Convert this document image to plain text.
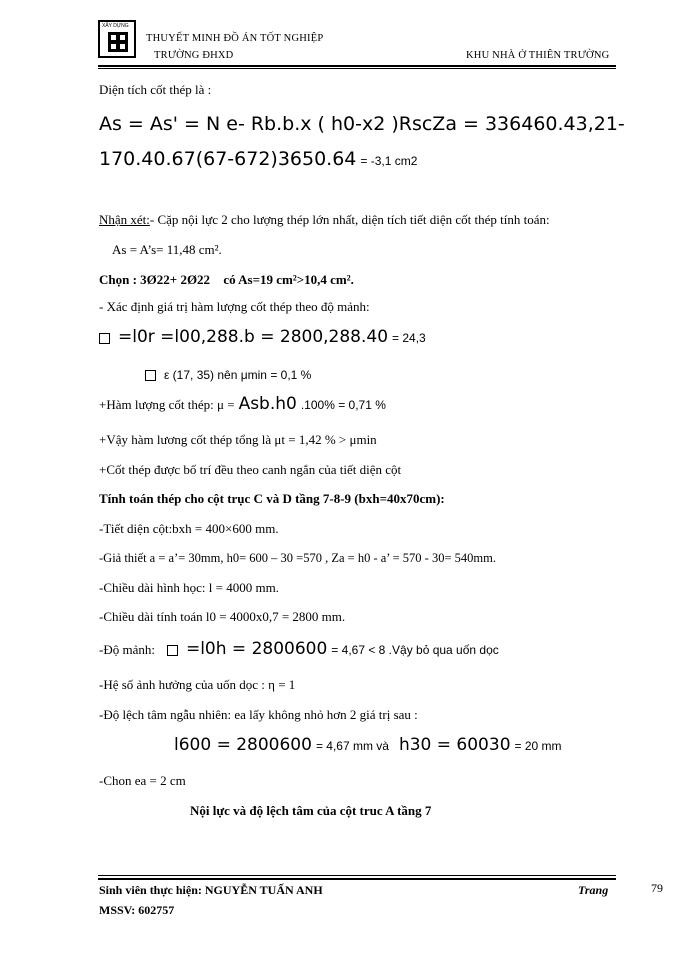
XÂY DỰNG
THUYẾT MINH ĐỒ ÁN TỐT NGHIỆP
TRƯỜNG ĐHXD	KHU NHÀ Ở THIÊN TRƯỜNG
Diện tích cốt thép là :
As = As' = N e- Rb.b.x ( h0-x2 )RscZa = 336460.43,21-
170.40.67(67-672)3650.64 = -3,1 cm2
Nhận xét:- Cặp nội lực 2 cho lượng thép lớn nhất, diện tích tiết diện cốt thép tính toán:
As = A’s= 11,48 cm².
Chọn : 3Ø22+ 2Ø22 có As=19 cm²>10,4 cm².
- Xác định giá trị hàm lượng cốt thép theo độ mảnh:
=l0r =l00,288.b = 2800,288.40 = 24,3
ε (17, 35) nên μmin = 0,1 %
+Hàm lượng cốt thép: μ = Asb.h0 .100% = 0,71 %
+Vậy hàm lương cốt thép tổng là μt = 1,42 % > μmin
+Cốt thép được bố trí đều theo canh ngắn của tiết diện cột
Tính toán thép cho cột trục C và D tầng 7-8-9 (bxh=40x70cm):
-Tiết diện cột:bxh = 400×600 mm.
-Giả thiết a = a’= 30mm, h0= 600 – 30 =570 , Za = h0 - a’ = 570 - 30= 540mm.
-Chiều dài hình học: l = 4000 mm.
-Chiều dài tính toán l0 = 4000x0,7 = 2800 mm.
-Độ mảnh: =l0h = 2800600 = 4,67 < 8 .Vậy bỏ qua uốn dọc
-Hệ số ảnh hưởng của uốn dọc : η = 1
-Độ lệch tâm ngẫu nhiên: ea lấy không nhỏ hơn 2 giá trị sau :
l600 = 2800600 = 4,67 mm và h30 = 60030 = 20 mm
-Chon ea = 2 cm
Nội lực và độ lệch tâm của cột truc A tầng 7
Sinh viên thực hiện: NGUYỄN TUẤN ANH	Trang	79
MSSV: 602757
